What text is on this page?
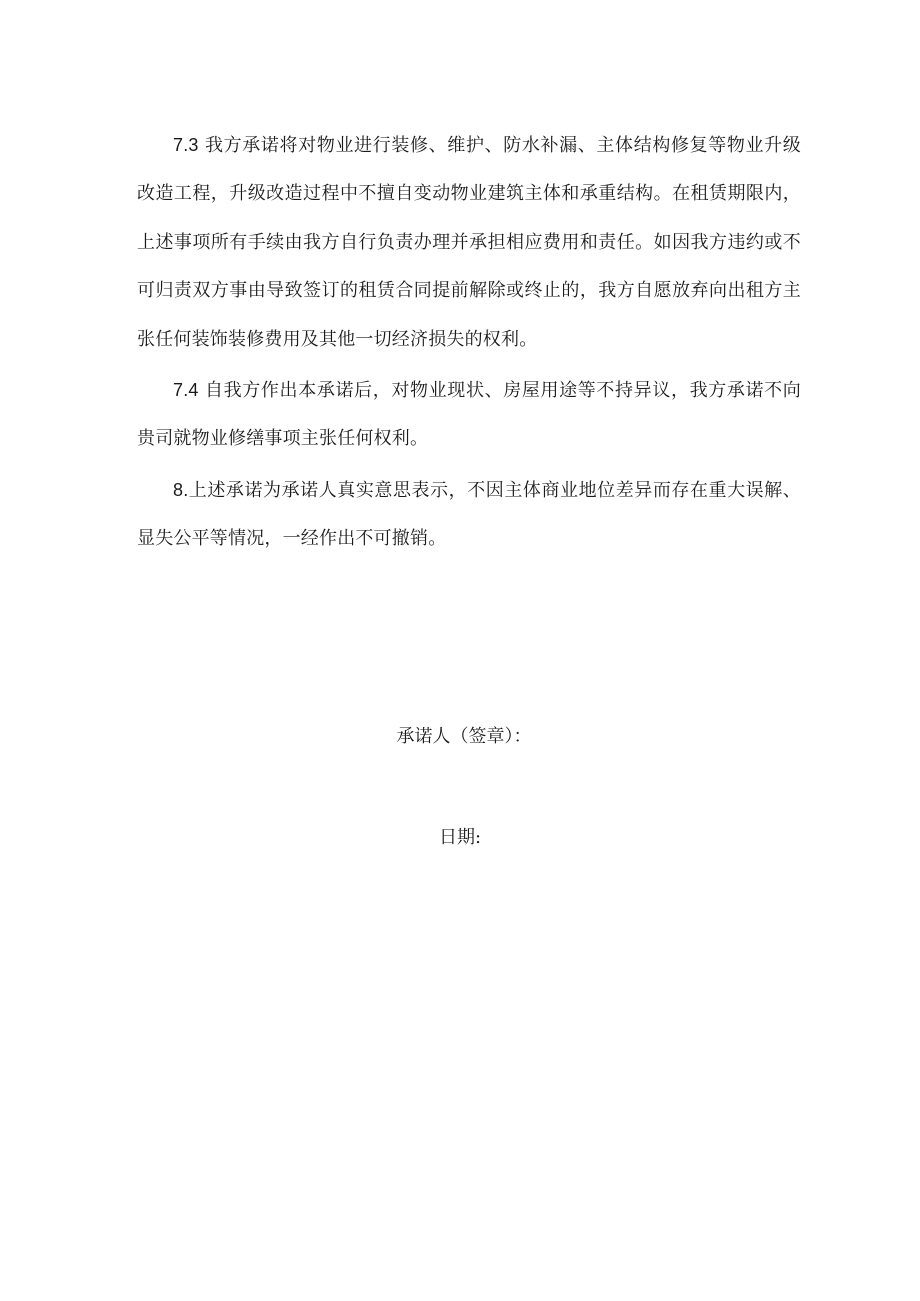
7.3 我方承诺将对物业进行装修、维护、防水补漏、主体结构修复等物业升级改造工程，升级改造过程中不擅自变动物业建筑主体和承重结构。在租赁期限内，上述事项所有手续由我方自行负责办理并承担相应费用和责任。如因我方违约或不可归责双方事由导致签订的租赁合同提前解除或终止的，我方自愿放弃向出租方主张任何装饰装修费用及其他一切经济损失的权利。

7.4 自我方作出本承诺后，对物业现状、房屋用途等不持异议，我方承诺不向贵司就物业修缮事项主张任何权利。

8.上述承诺为承诺人真实意思表示，不因主体商业地位差异而存在重大误解、显失公平等情况，一经作出不可撤销。

承诺人（签章）：
日期:
